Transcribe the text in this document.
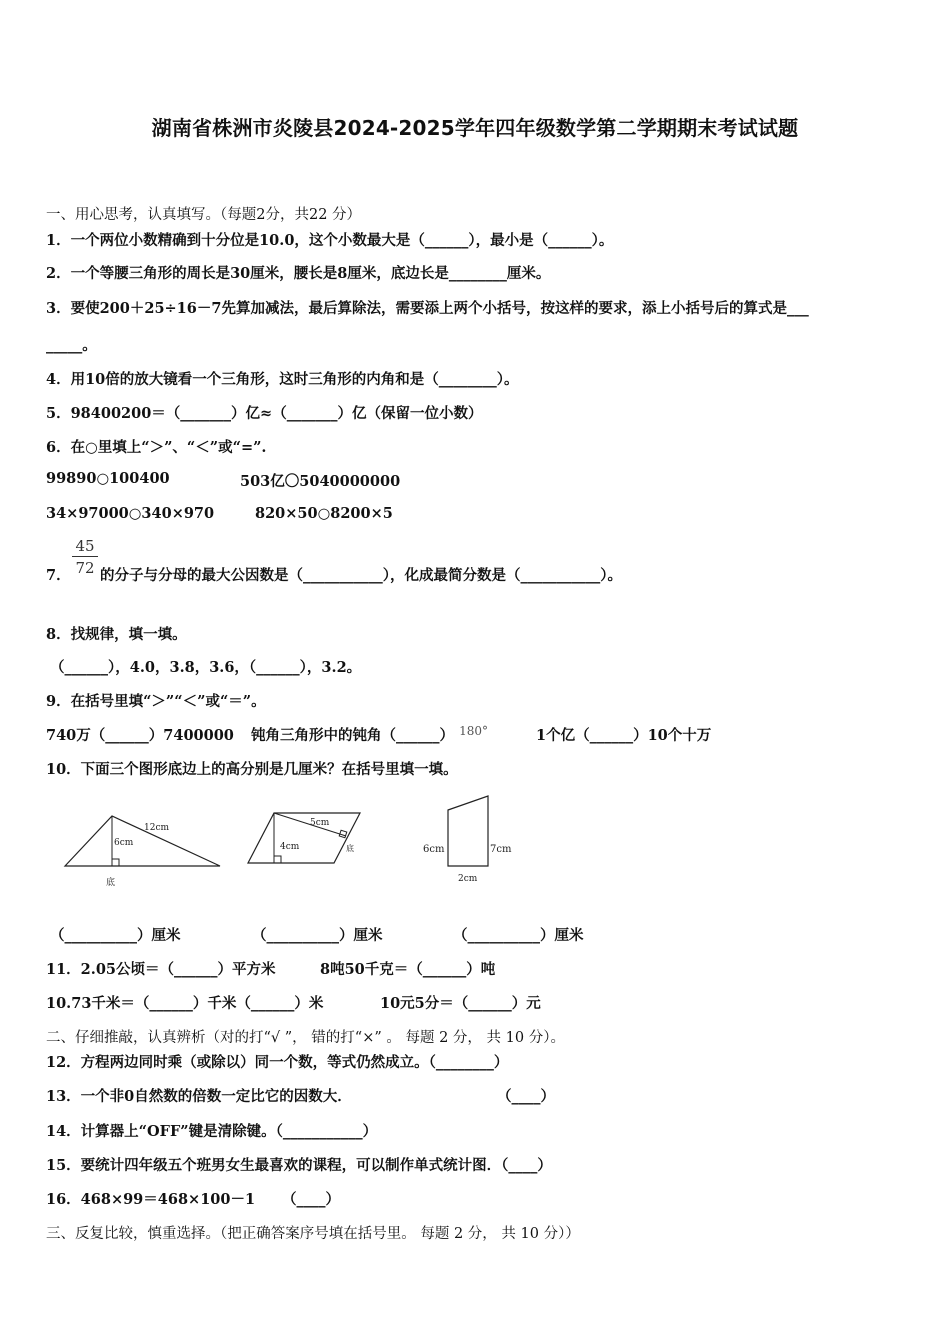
湖南省株洲市炎陵县2024-2025学年四年级数学第二学期期末考试试题
一、用心思考，认真填写。（每题2分，共22 分）
1．一个两位小数精确到十分位是10.0，这个小数最大是（______），最小是（______）。
2．一个等腰三角形的周长是30厘米，腰长是8厘米，底边长是________厘米。
3．要使200＋25÷16－7先算加减法，最后算除法，需要添上两个小括号，按这样的要求，添上小括号后的算式是___
_____。
4．用10倍的放大镜看一个三角形，这时三角形的内角和是（________）。
5．98400200＝（_______）亿≈（_______）亿（保留一位小数）
6．在○里填上“＞”、“＜”或“=”.
99890○100400	503亿〇5040000000
34×97000○340×970	820×50○8200×5
$\frac{45}{72}$
7． 的分子与分母的最大公因数是（___________），化成最简分数是（___________）。
8．找规律，填一填。
（______），4.0，3.8，3.6，（______），3.2。
9．在括号里填“＞”“＜”或“＝”。
740万（______）7400000 钝角三角形中的钝角（______） $^{180^\circ}$	1个亿（______）10个十万
10．下面三个图形底边上的高分别是几厘米？在括号里填一填。
12cm
6cm
底
5cm
4cm	底	6cm	7cm
2cm
（__________）厘米	（__________）厘米	（__________）厘米
11．2.05公顷＝（______）平方米	8吨50千克＝（______）吨
10.73千米＝（______）千米（______）米	10元5分＝（______）元
二、仔细推敲，认真辨析（对的打“√ ”， 错的打“×” 。 每题 2 分， 共 10 分）。
12．方程两边同时乘（或除以）同一个数，等式仍然成立。（________）
13．一个非0自然数的倍数一定比它的因数大．	（____）
14．计算器上“OFF”键是清除键。（___________）
15．要统计四年级五个班男女生最喜欢的课程，可以制作单式统计图．（____）
16．468×99＝468×100－1 （____）
三、反复比较，慎重选择。（把正确答案序号填在括号里。 每题 2 分， 共 10 分））
